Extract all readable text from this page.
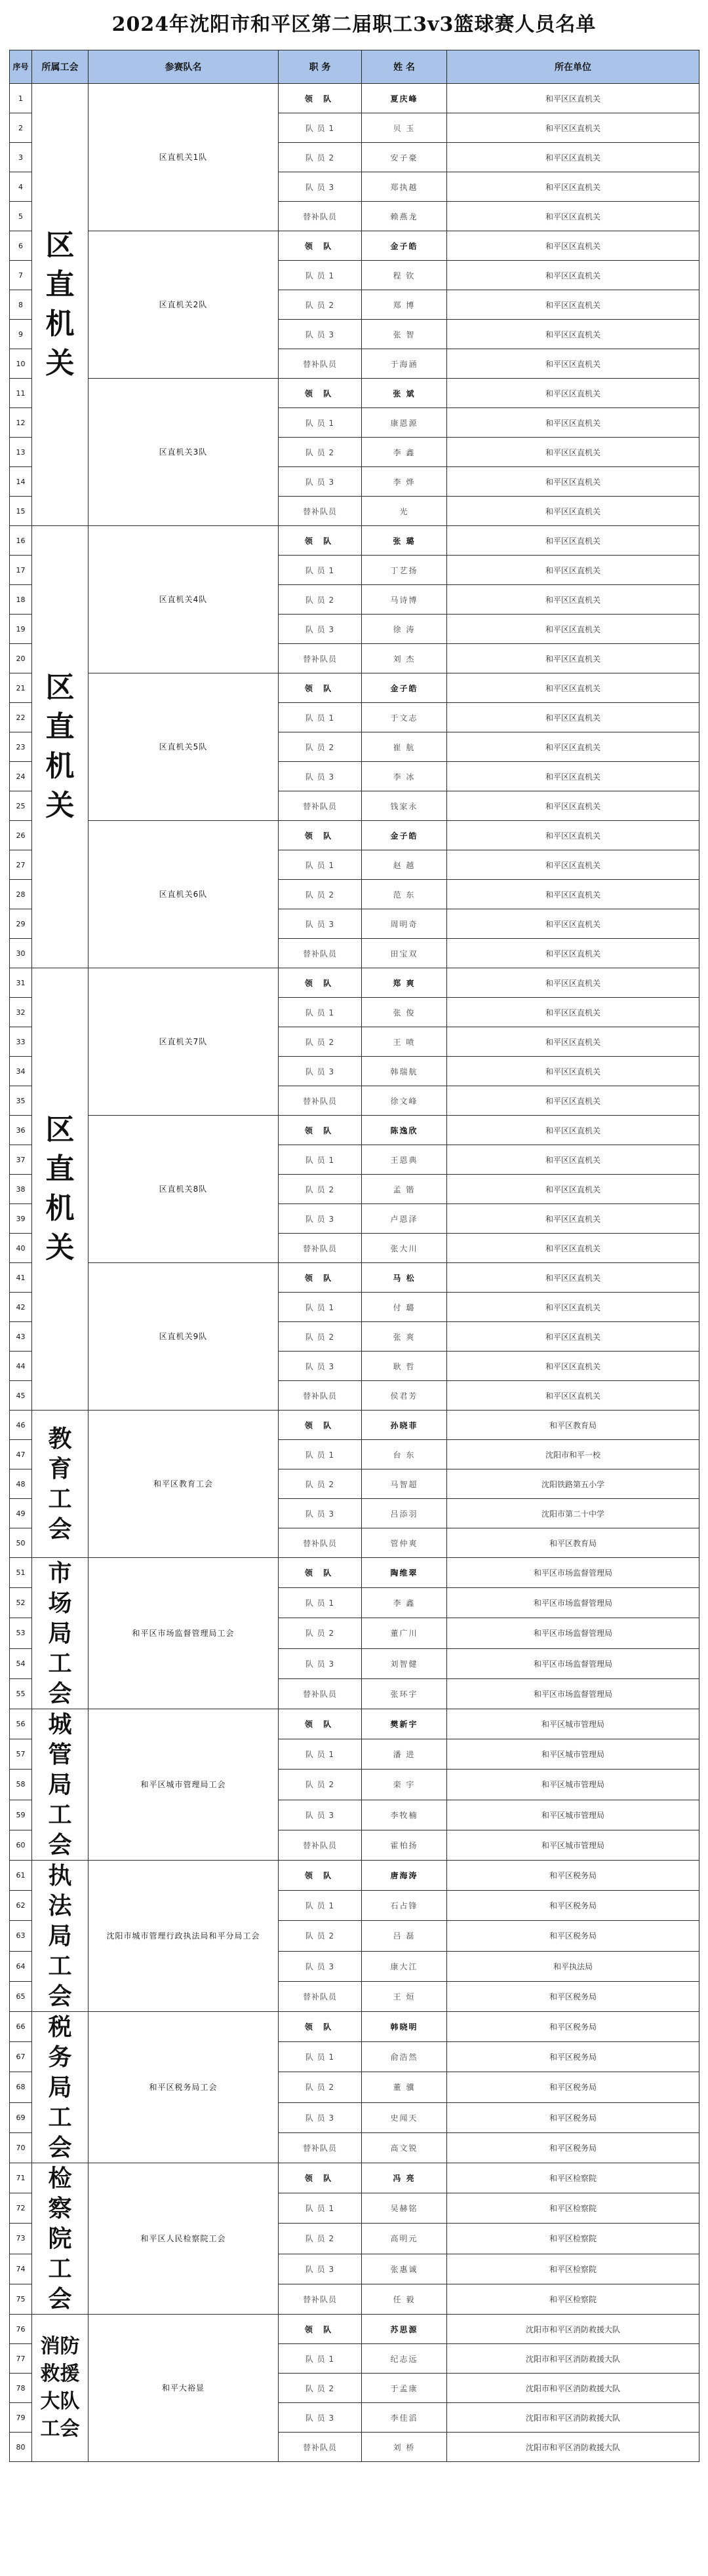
2024年沈阳市和平区第二届职工3v3篮球赛人员名单
序号	所属工会	参赛队名	职 务	姓 名	所在单位
1	区直机关	区直机关1队	领 队	夏庆峰	和平区区直机关
2			队 员 1	贝 玉	和平区区直机关
3			队 员 2	安子豪	和平区区直机关
4			队 员 3	郑执越	和平区区直机关
5			替补队员	赖燕龙	和平区区直机关
6		区直机关2队	领 队	金子皓	和平区区直机关
7			队 员 1	程 钦	和平区区直机关
8			队 员 2	郑 博	和平区区直机关
9			队 员 3	张 智	和平区区直机关
10			替补队员	于海涵	和平区区直机关
11		区直机关3队	领 队	张 斌	和平区区直机关
12			队 员 1	康恩源	和平区区直机关
13			队 员 2	李 鑫	和平区区直机关
14			队 员 3	李 烨	和平区区直机关
15			替补队员	光	和平区区直机关
16	区直机关	区直机关4队	领 队	张 璐	和平区区直机关
17			队 员 1	丁艺扬	和平区区直机关
18			队 员 2	马诗博	和平区区直机关
19			队 员 3	徐 涛	和平区区直机关
20			替补队员	刘 杰	和平区区直机关
21		区直机关5队	领 队	金子皓	和平区区直机关
22			队 员 1	于文志	和平区区直机关
23			队 员 2	崔 航	和平区区直机关
24			队 员 3	李 冰	和平区区直机关
25			替补队员	钱家永	和平区区直机关
26		区直机关6队	领 队	金子皓	和平区区直机关
27			队 员 1	赵 越	和平区区直机关
28			队 员 2	范 东	和平区区直机关
29			队 员 3	周明奇	和平区区直机关
30			替补队员	田宝双	和平区区直机关
31	区直机关	区直机关7队	领 队	郑 爽	和平区区直机关
32			队 员 1	张 俊	和平区区直机关
33			队 员 2	王 喷	和平区区直机关
34			队 员 3	韩瑞航	和平区区直机关
35			替补队员	徐文峰	和平区区直机关
36		区直机关8队	领 队	陈逸欣	和平区区直机关
37			队 员 1	王恩典	和平区区直机关
38			队 员 2	孟 锴	和平区区直机关
39			队 员 3	卢恩泽	和平区区直机关
40			替补队员	张大川	和平区区直机关
41		区直机关9队	领 队	马 松	和平区区直机关
42			队 员 1	付 璐	和平区区直机关
43			队 员 2	张 爽	和平区区直机关
44			队 员 3	耿 哲	和平区区直机关
45			替补队员	侯君芳	和平区区直机关
46	教育工会	和平区教育工会	领 队	孙晓菲	和平区教育局
47			队 员 1	台 东	沈阳市和平一校
48			队 员 2	马智超	沈阳铁路第五小学
49			队 员 3	吕添羽	沈阳市第二十中学
50			替补队员	管仲爽	和平区教育局
51	市场局工会	和平区市场监督管理局工会	领 队	陶维翠	和平区市场监督管理局
52			队 员 1	李 鑫	和平区市场监督管理局
53			队 员 2	董广川	和平区市场监督管理局
54			队 员 3	刘智健	和平区市场监督管理局
55			替补队员	张环宇	和平区市场监督管理局
56	城管局工会	和平区城市管理局工会	领 队	樊新宇	和平区城市管理局
57			队 员 1	潘 进	和平区城市管理局
58			队 员 2	栾 宇	和平区城市管理局
59			队 员 3	李牧楠	和平区城市管理局
60			替补队员	霍柏扬	和平区城市管理局
61	执法局工会	沈阳市城市管理行政执法局和平分局工会	领 队	唐海涛	和平区税务局
62			队 员 1	石占锋	和平区税务局
63			队 员 2	吕 磊	和平区税务局
64			队 员 3	康大江	和平执法局
65			替补队员	王 烜	和平区税务局
66	税务局工会	和平区税务局工会	领 队	韩晓明	和平区税务局
67			队 员 1	俞浩然	和平区税务局
68			队 员 2	董 骥	和平区税务局
69			队 员 3	史闻天	和平区税务局
70			替补队员	高文锐	和平区税务局
71	检察院工会	和平区人民检察院工会	领 队	冯 亮	和平区检察院
72			队 员 1	吴赫铭	和平区检察院
73			队 员 2	高明元	和平区检察院
74			队 员 3	张惠诚	和平区检察院
75			替补队员	任 毅	和平区检察院
76	消防救援大队工会	和平大裕显	领 队	苏思源	沈阳市和平区消防救援大队
77			队 员 1	纪志远	沈阳市和平区消防救援大队
78			队 员 2	于孟康	沈阳市和平区消防救援大队
79			队 员 3	李佳滔	沈阳市和平区消防救援大队
80			替补队员	刘 桥	沈阳市和平区消防救援大队
